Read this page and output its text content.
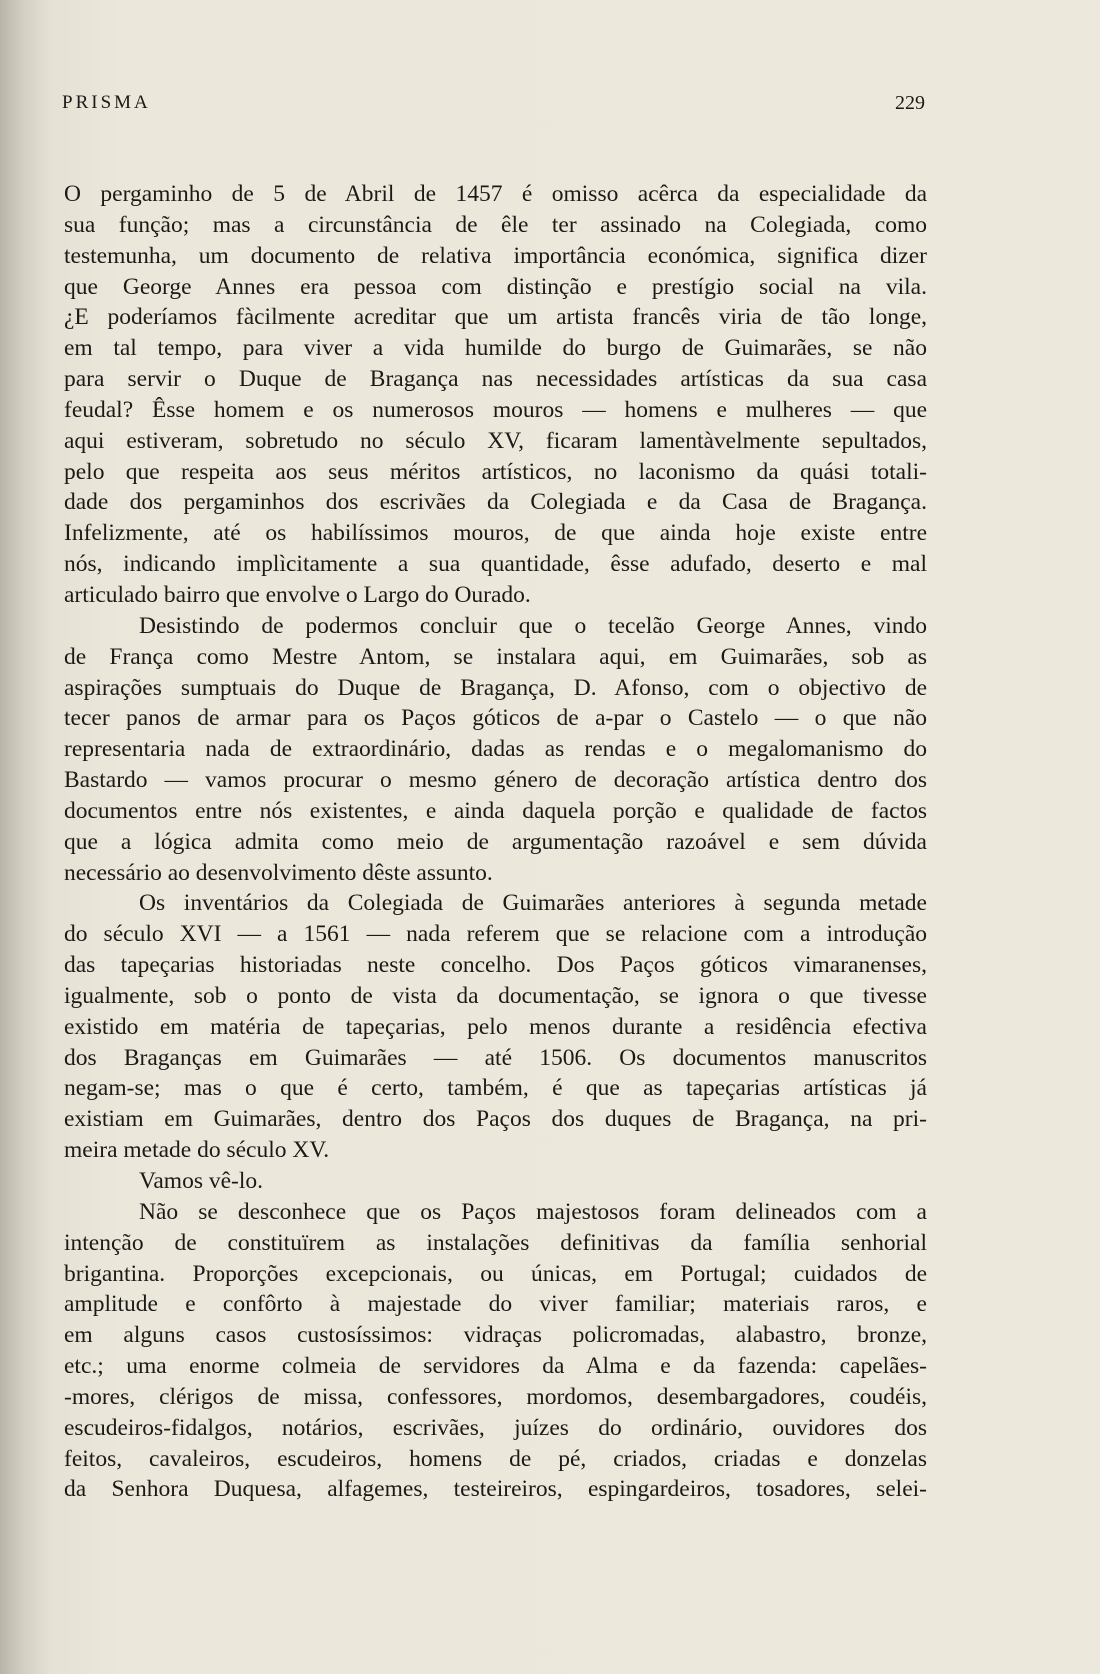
PRISMA	229
O pergaminho de 5 de Abril de 1457 é omisso acêrca da especialidade da
sua função; mas a circunstância de êle ter assinado na Colegiada, como
testemunha, um documento de relativa importância económica, significa dizer
que George Annes era pessoa com distinção e prestígio social na vila.
¿E poderíamos fàcilmente acreditar que um artista francês viria de tão longe,
em tal tempo, para viver a vida humilde do burgo de Guimarães, se não
para servir o Duque de Bragança nas necessidades artísticas da sua casa
feudal? Êsse homem e os numerosos mouros — homens e mulheres — que
aqui estiveram, sobretudo no século XV, ficaram lamentàvelmente sepultados,
pelo que respeita aos seus méritos artísticos, no laconismo da quási totali-
dade dos pergaminhos dos escrivães da Colegiada e da Casa de Bragança.
Infelizmente, até os habilíssimos mouros, de que ainda hoje existe entre
nós, indicando implìcitamente a sua quantidade, êsse adufado, deserto e mal
articulado bairro que envolve o Largo do Ourado.
Desistindo de podermos concluir que o tecelão George Annes, vindo
de França como Mestre Antom, se instalara aqui, em Guimarães, sob as
aspirações sumptuais do Duque de Bragança, D. Afonso, com o objectivo de
tecer panos de armar para os Paços góticos de a-par o Castelo — o que não
representaria nada de extraordinário, dadas as rendas e o megalomanismo do
Bastardo — vamos procurar o mesmo género de decoração artística dentro dos
documentos entre nós existentes, e ainda daquela porção e qualidade de factos
que a lógica admita como meio de argumentação razoável e sem dúvida
necessário ao desenvolvimento dêste assunto.
Os inventários da Colegiada de Guimarães anteriores à segunda metade
do século XVI — a 1561 — nada referem que se relacione com a introdução
das tapeçarias historiadas neste concelho. Dos Paços góticos vimaranenses,
igualmente, sob o ponto de vista da documentação, se ignora o que tivesse
existido em matéria de tapeçarias, pelo menos durante a residência efectiva
dos Braganças em Guimarães — até 1506. Os documentos manuscritos
negam-se; mas o que é certo, também, é que as tapeçarias artísticas já
existiam em Guimarães, dentro dos Paços dos duques de Bragança, na pri-
meira metade do século XV.
Vamos vê-lo.
Não se desconhece que os Paços majestosos foram delineados com a
intenção de constituïrem as instalações definitivas da família senhorial
brigantina. Proporções excepcionais, ou únicas, em Portugal; cuidados de
amplitude e confôrto à majestade do viver familiar; materiais raros, e
em alguns casos custosíssimos: vidraças policromadas, alabastro, bronze,
etc.; uma enorme colmeia de servidores da Alma e da fazenda: capelães-
-mores, clérigos de missa, confessores, mordomos, desembargadores, coudéis,
escudeiros-fidalgos, notários, escrivães, juízes do ordinário, ouvidores dos
feitos, cavaleiros, escudeiros, homens de pé, criados, criadas e donzelas
da Senhora Duquesa, alfagemes, testeireiros, espingardeiros, tosadores, selei-
